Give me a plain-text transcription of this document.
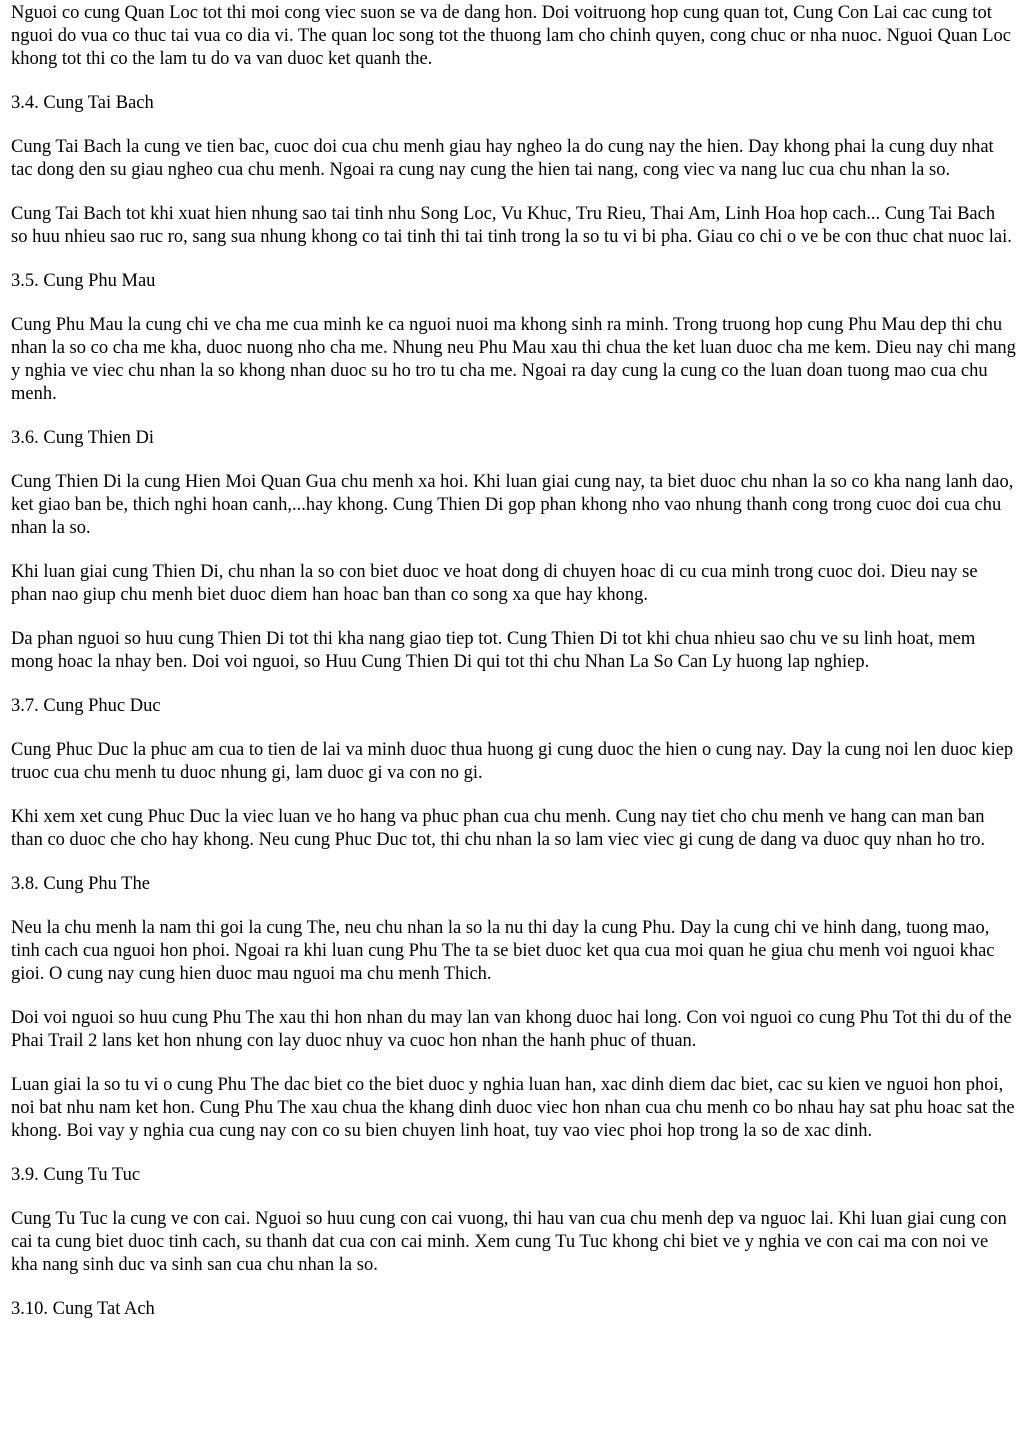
Nguoi co cung Quan Loc tot thi moi cong viec suon se va de dang hon. Doi voitruong hop cung quan tot, Cung Con Lai cac cung tot nguoi do vua co thuc tai vua co dia vi. The quan loc song tot the thuong lam cho chinh quyen, cong chuc or nha nuoc. Nguoi Quan Loc khong tot thi co the lam tu do va van duoc ket quanh the.

3.4. Cung Tai Bach

Cung Tai Bach la cung ve tien bac, cuoc doi cua chu menh giau hay ngheo la do cung nay the hien. Day khong phai la cung duy nhat tac dong den su giau ngheo cua chu menh. Ngoai ra cung nay cung the hien tai nang, cong viec va nang luc cua chu nhan la so.

Cung Tai Bach tot khi xuat hien nhung sao tai tinh nhu Song Loc, Vu Khuc, Tru Rieu, Thai Am, Linh Hoa hop cach... Cung Tai Bach so huu nhieu sao ruc ro, sang sua nhung khong co tai tinh thi tai tinh trong la so tu vi bi pha. Giau co chi o ve be con thuc chat nuoc lai.

3.5. Cung Phu Mau

Cung Phu Mau la cung chi ve cha me cua minh ke ca nguoi nuoi ma khong sinh ra minh. Trong truong hop cung Phu Mau dep thi chu nhan la so co cha me kha, duoc nuong nho cha me. Nhung neu Phu Mau xau thi chua the ket luan duoc cha me kem. Dieu nay chi mang y nghia ve viec chu nhan la so khong nhan duoc su ho tro tu cha me. Ngoai ra day cung la cung co the luan doan tuong mao cua chu menh.

3.6. Cung Thien Di

Cung Thien Di la cung Hien Moi Quan Gua chu menh xa hoi. Khi luan giai cung nay, ta biet duoc chu nhan la so co kha nang lanh dao, ket giao ban be, thich nghi hoan canh,...hay khong. Cung Thien Di gop phan khong nho vao nhung thanh cong trong cuoc doi cua chu nhan la so.

Khi luan giai cung Thien Di, chu nhan la so con biet duoc ve hoat dong di chuyen hoac di cu cua minh trong cuoc doi. Dieu nay se phan nao giup chu menh biet duoc diem han hoac ban than co song xa que hay khong.

Da phan nguoi so huu cung Thien Di tot thi kha nang giao tiep tot. Cung Thien Di tot khi chua nhieu sao chu ve su linh hoat, mem mong hoac la nhay ben. Doi voi nguoi, so Huu Cung Thien Di qui tot thi chu Nhan La So Can Ly huong lap nghiep.

3.7. Cung Phuc Duc

Cung Phuc Duc la phuc am cua to tien de lai va minh duoc thua huong gi cung duoc the hien o cung nay. Day la cung noi len duoc kiep truoc cua chu menh tu duoc nhung gi, lam duoc gi va con no gi.

Khi xem xet cung Phuc Duc la viec luan ve ho hang va phuc phan cua chu menh. Cung nay tiet cho chu menh ve hang can man ban than co duoc che cho hay khong. Neu cung Phuc Duc tot, thi chu nhan la so lam viec viec gi cung de dang va duoc quy nhan ho tro.

3.8. Cung Phu The

Neu la chu menh la nam thi goi la cung The, neu chu nhan la so la nu thi day la cung Phu. Day la cung chi ve hinh dang, tuong mao, tinh cach cua nguoi hon phoi. Ngoai ra khi luan cung Phu The ta se biet duoc ket qua cua moi quan he giua chu menh voi nguoi khac gioi. O cung nay cung hien duoc mau nguoi ma chu menh Thich.

Doi voi nguoi so huu cung Phu The xau thi hon nhan du may lan van khong duoc hai long. Con voi nguoi co cung Phu Tot thi du of the Phai Trail 2 lans ket hon nhung con lay duoc nhuy va cuoc hon nhan the hanh phuc of thuan.

Luan giai la so tu vi o cung Phu The dac biet co the biet duoc y nghia luan han, xac dinh diem dac biet, cac su kien ve nguoi hon phoi, noi bat nhu nam ket hon. Cung Phu The xau chua the khang dinh duoc viec hon nhan cua chu menh co bo nhau hay sat phu hoac sat the khong. Boi vay y nghia cua cung nay con co su bien chuyen linh hoat, tuy vao viec phoi hop trong la so de xac dinh.

3.9. Cung Tu Tuc

Cung Tu Tuc la cung ve con cai. Nguoi so huu cung con cai vuong, thi hau van cua chu menh dep va nguoc lai. Khi luan giai cung con cai ta cung biet duoc tinh cach, su thanh dat cua con cai minh. Xem cung Tu Tuc khong chi biet ve y nghia ve con cai ma con noi ve kha nang sinh duc va sinh san cua chu nhan la so.

3.10. Cung Tat Ach
